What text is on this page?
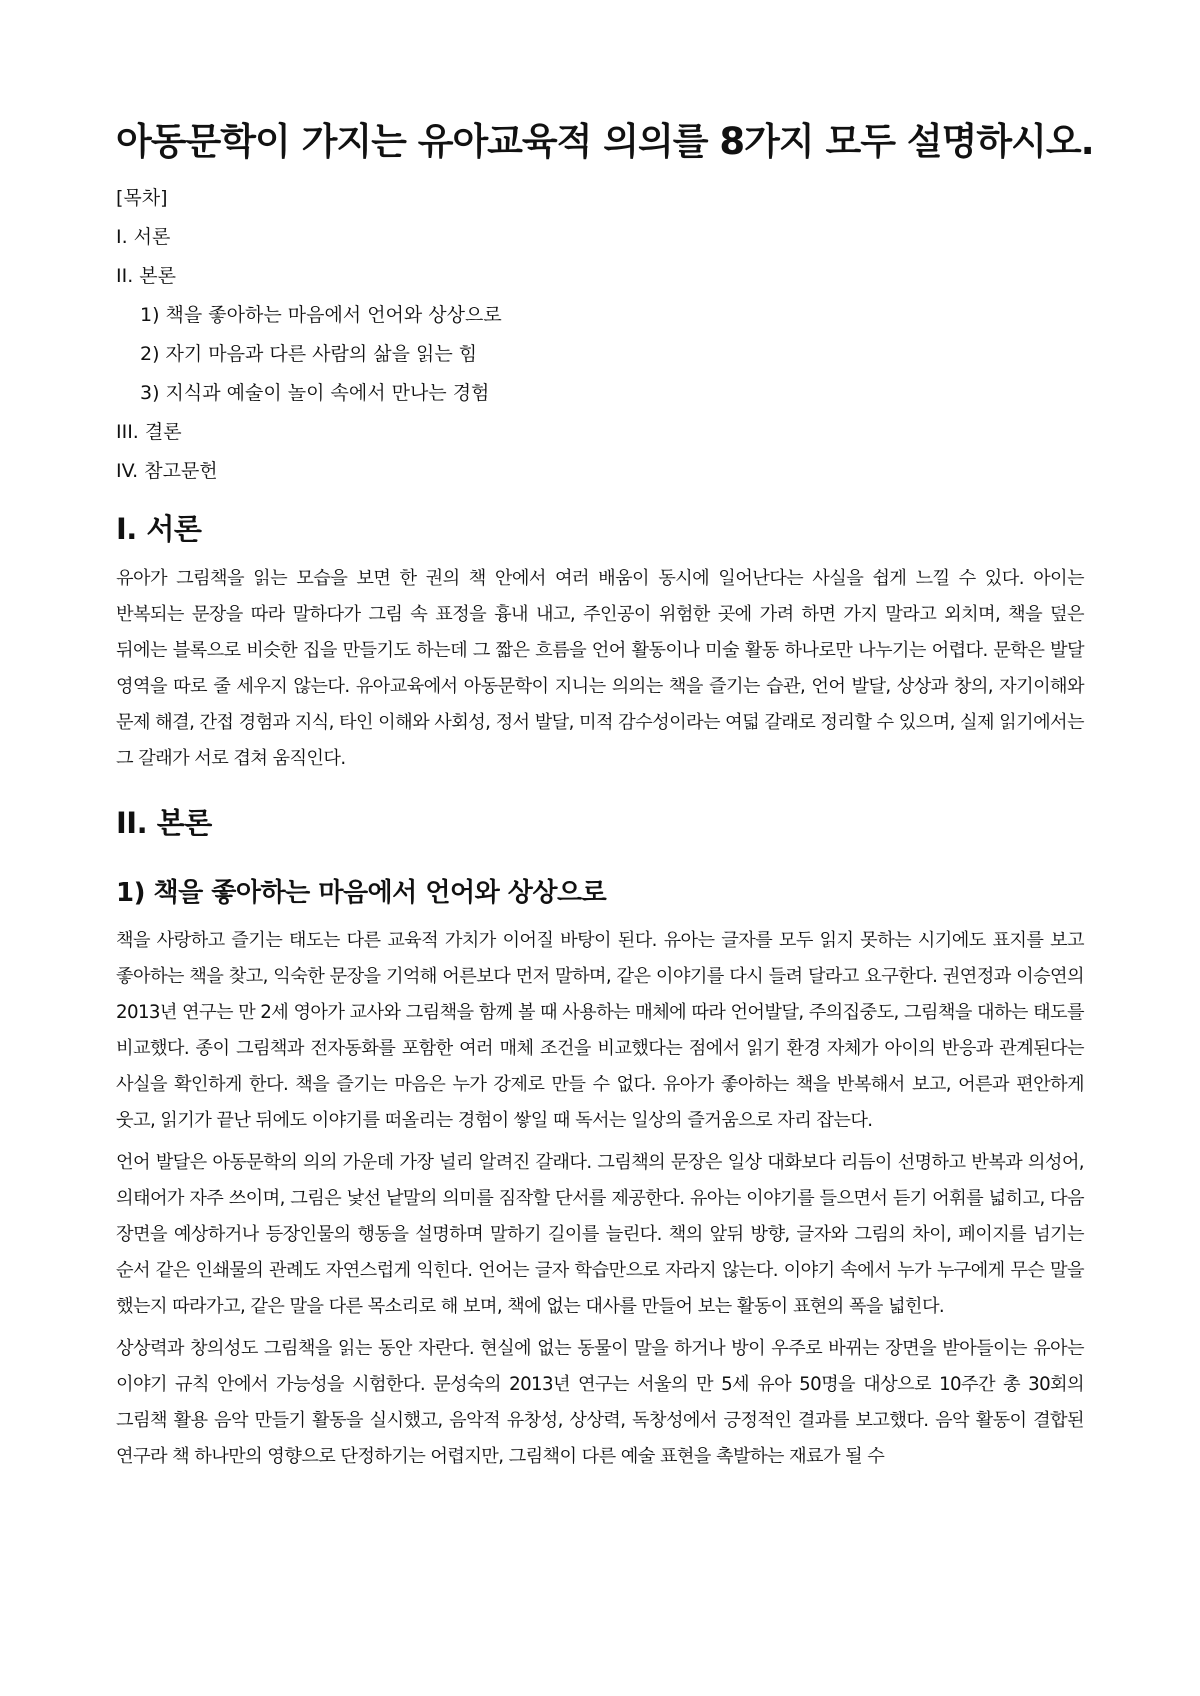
아동문학이 가지는 유아교육적 의의를 8가지 모두 설명하시오.

[목차]

I. 서론

II. 본론

1) 책을 좋아하는 마음에서 언어와 상상으로

2) 자기 마음과 다른 사람의 삶을 읽는 힘

3) 지식과 예술이 놀이 속에서 만나는 경험

III. 결론

IV. 참고문헌

I. 서론

유아가 그림책을 읽는 모습을 보면 한 권의 책 안에서 여러 배움이 동시에 일어난다는 사실을 쉽게 느낄 수 있다. 아이는 반복되는 문장을 따라 말하다가 그림 속 표정을 흉내 내고, 주인공이 위험한 곳에 가려 하면 가지 말라고 외치며, 책을 덮은 뒤에는 블록으로 비슷한 집을 만들기도 하는데 그 짧은 흐름을 언어 활동이나 미술 활동 하나로만 나누기는 어렵다. 문학은 발달 영역을 따로 줄 세우지 않는다. 유아교육에서 아동문학이 지니는 의의는 책을 즐기는 습관, 언어 발달, 상상과 창의, 자기이해와 문제 해결, 간접 경험과 지식, 타인 이해와 사회성, 정서 발달, 미적 감수성이라는 여덟 갈래로 정리할 수 있으며, 실제 읽기에서는 그 갈래가 서로 겹쳐 움직인다.

II. 본론
1) 책을 좋아하는 마음에서 언어와 상상으로

책을 사랑하고 즐기는 태도는 다른 교육적 가치가 이어질 바탕이 된다. 유아는 글자를 모두 읽지 못하는 시기에도 표지를 보고 좋아하는 책을 찾고, 익숙한 문장을 기억해 어른보다 먼저 말하며, 같은 이야기를 다시 들려 달라고 요구한다. 권연정과 이승연의 2013년 연구는 만 2세 영아가 교사와 그림책을 함께 볼 때 사용하는 매체에 따라 언어발달, 주의집중도, 그림책을 대하는 태도를 비교했다. 종이 그림책과 전자동화를 포함한 여러 매체 조건을 비교했다는 점에서 읽기 환경 자체가 아이의 반응과 관계된다는 사실을 확인하게 한다. 책을 즐기는 마음은 누가 강제로 만들 수 없다. 유아가 좋아하는 책을 반복해서 보고, 어른과 편안하게 웃고, 읽기가 끝난 뒤에도 이야기를 떠올리는 경험이 쌓일 때 독서는 일상의 즐거움으로 자리 잡는다.

언어 발달은 아동문학의 의의 가운데 가장 널리 알려진 갈래다. 그림책의 문장은 일상 대화보다 리듬이 선명하고 반복과 의성어, 의태어가 자주 쓰이며, 그림은 낯선 낱말의 의미를 짐작할 단서를 제공한다. 유아는 이야기를 들으면서 듣기 어휘를 넓히고, 다음 장면을 예상하거나 등장인물의 행동을 설명하며 말하기 길이를 늘린다. 책의 앞뒤 방향, 글자와 그림의 차이, 페이지를 넘기는 순서 같은 인쇄물의 관례도 자연스럽게 익힌다. 언어는 글자 학습만으로 자라지 않는다. 이야기 속에서 누가 누구에게 무슨 말을 했는지 따라가고, 같은 말을 다른 목소리로 해 보며, 책에 없는 대사를 만들어 보는 활동이 표현의 폭을 넓힌다.

상상력과 창의성도 그림책을 읽는 동안 자란다. 현실에 없는 동물이 말을 하거나 방이 우주로 바뀌는 장면을 받아들이는 유아는 이야기 규칙 안에서 가능성을 시험한다. 문성숙의 2013년 연구는 서울의 만 5세 유아 50명을 대상으로 10주간 총 30회의 그림책 활용 음악 만들기 활동을 실시했고, 음악적 유창성, 상상력, 독창성에서 긍정적인 결과를 보고했다. 음악 활동이 결합된 연구라 책 하나만의 영향으로 단정하기는 어렵지만, 그림책이 다른 예술 표현을 촉발하는 재료가 될 수
